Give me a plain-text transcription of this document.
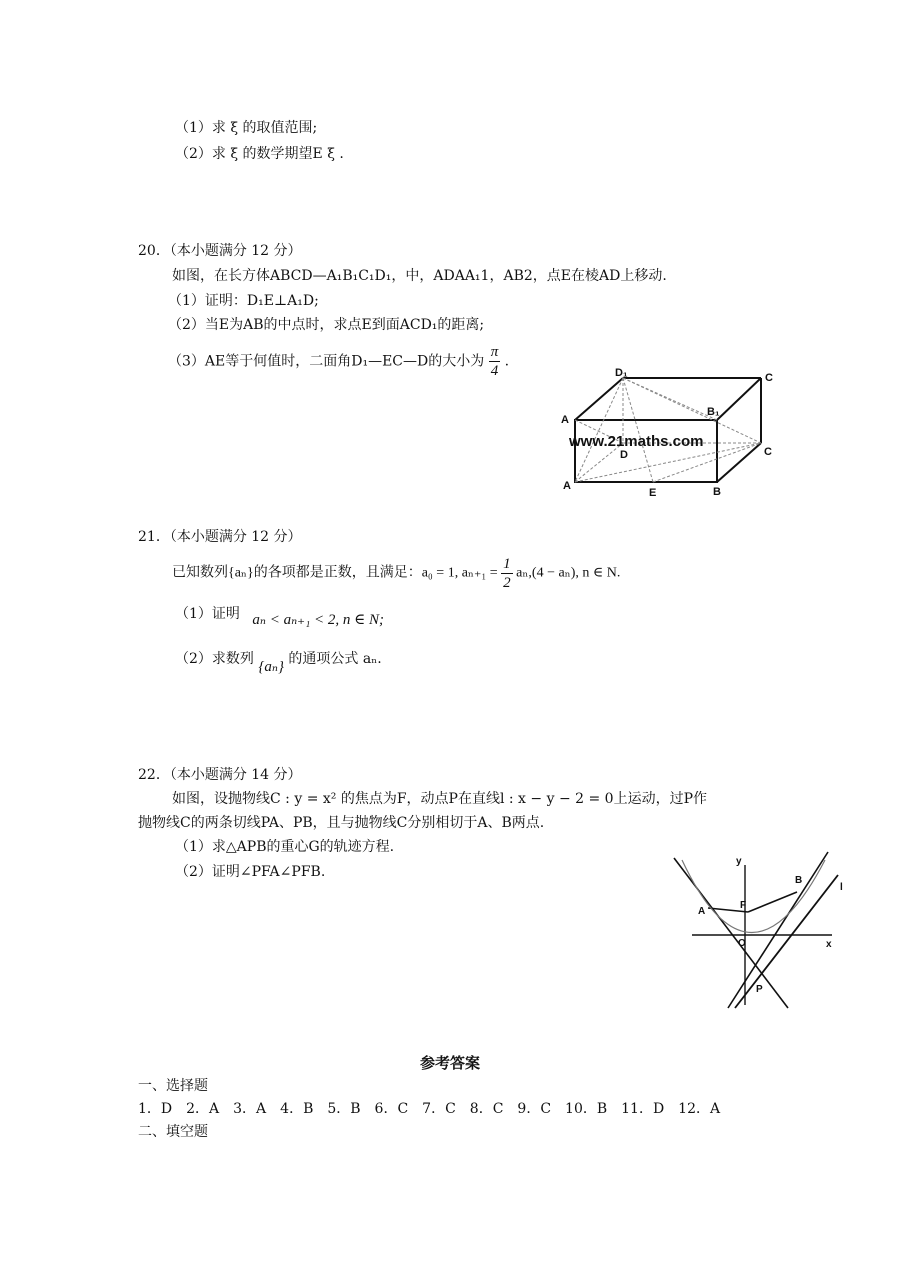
（1）求 ξ 的取值范围;
（2）求 ξ 的数学期望E ξ .
20．（本小题满分 12 分）
如图，在长方体ABCD—A₁B₁C₁D₁，中，ADAA₁1，AB2，点E在棱AD上移动.
（1）证明：D₁E⊥A₁D;
（2）当E为AB的中点时，求点E到面ACD₁的距离;
（3）AE等于何值时，二面角D₁—EC—D的大小为 $\frac{\pi}{4}$ .
D₁	C
B₁
A
D	C
A
E	B
www.21maths.com
21．（本小题满分 12 分）
已知数列{aₙ}的各项都是正数，且满足：a₀ = 1, $a_{n+1} = \frac{1}{2} a_n,(4 - a_n)$, n ∈ N.
（1）证明 aₙ < aₙ₊₁ < 2, n ∈ N;
（2）求数列 {aₙ} 的通项公式 aₙ.
22．（本小题满分 14 分）
如图，设抛物线C : y = x² 的焦点为F，动点P在直线l : x − y − 2 = 0上运动，过P作
抛物线C的两条切线PA、PB，且与抛物线C分别相切于A、B两点.
（1）求△APB的重心G的轨迹方程.
（2）证明∠PFA∠PFB.
y
B
l
A
F
O	x
P
参考答案
一、选择题
1．D　2．A　3．A　4．B　5．B　6．C　7．C　8．C　9．C　10．B　11．D　12．A
二、填空题
